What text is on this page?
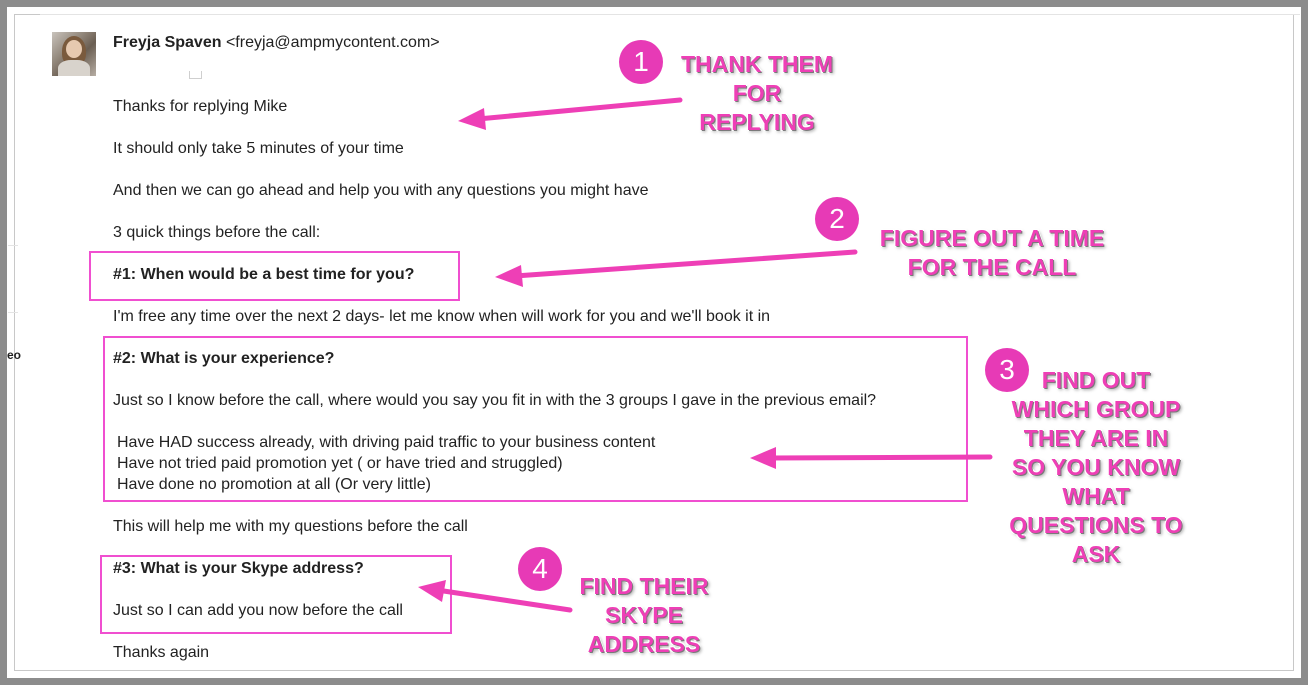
eo
Freyja Spaven <freyja@ampmycontent.com>
Thanks for replying Mike
It should only take 5 minutes of your time
And then we can go ahead and help you with any questions you might have
3 quick things before the call:
#1: When would be a best time for you?
I'm free any time over the next 2 days- let me know when will work for you and we'll book it in
#2: What is your experience?
Just so I know before the call, where would you say you fit in with the 3 groups I gave in the previous email?
Have HAD success already, with driving paid traffic to your business content
Have not tried paid promotion yet ( or have tried and struggled)
Have done no promotion at all (Or very little)
This will help me with my questions before the call
#3: What is your Skype address?
Just so I can add you now before the call
Thanks again
1
2
3
4
THANK THEM
FOR
REPLYING
FIGURE OUT A TIME
FOR THE CALL
FIND OUT
WHICH GROUP
THEY ARE IN
SO YOU KNOW
WHAT
QUESTIONS TO
ASK
FIND THEIR
SKYPE
ADDRESS
